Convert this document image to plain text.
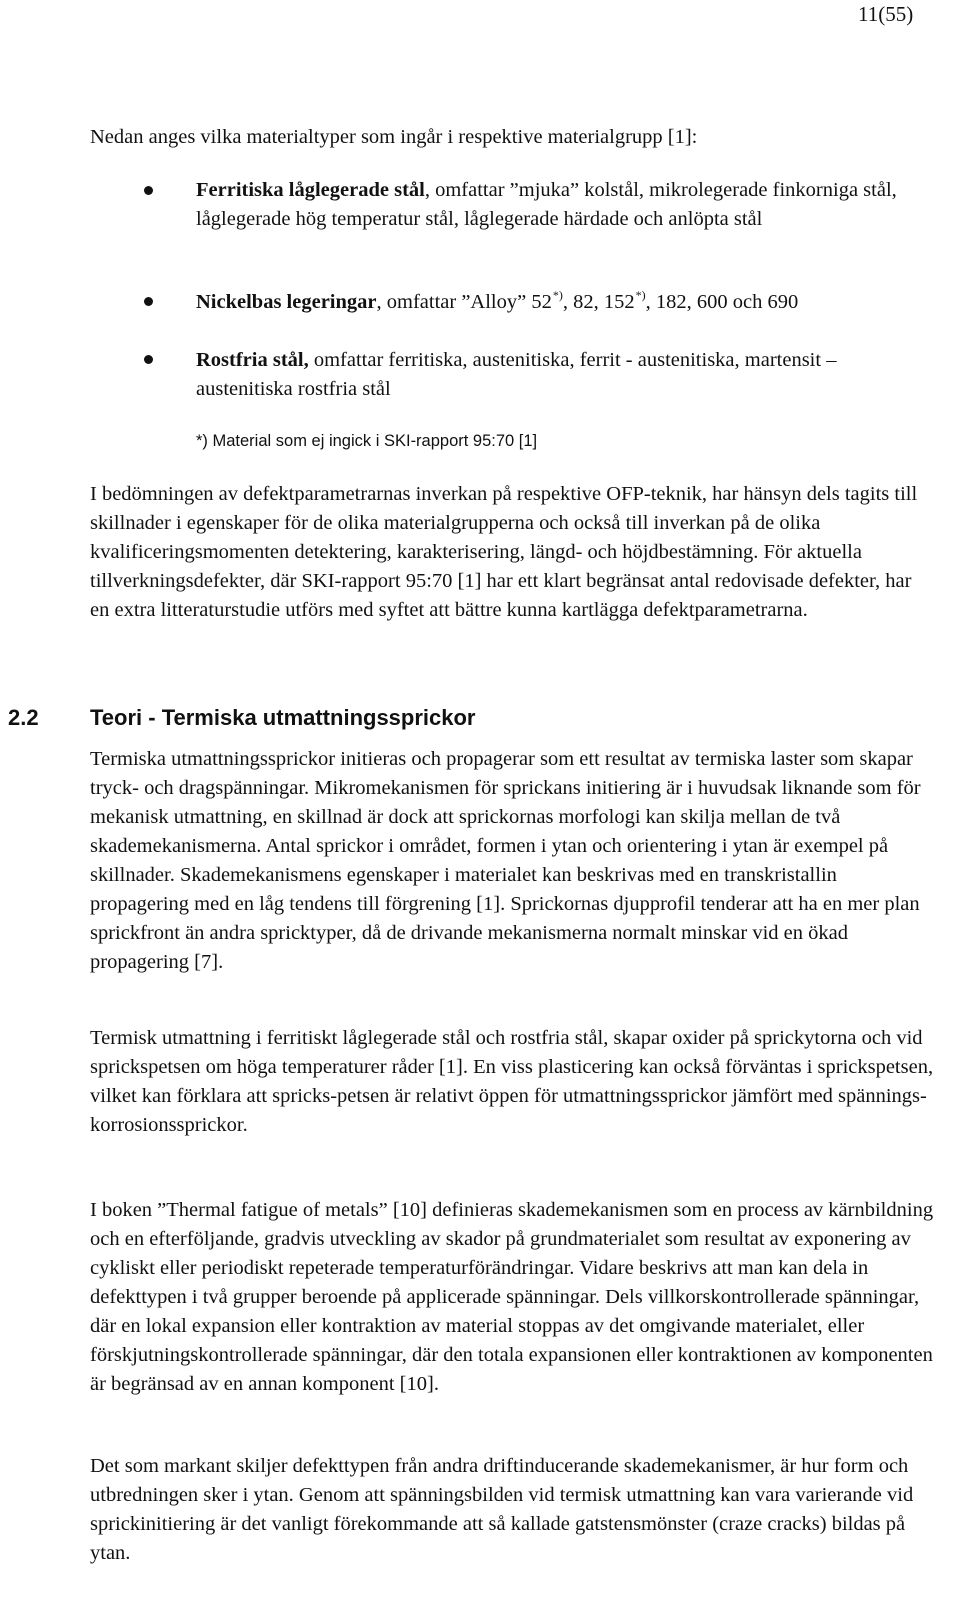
11(55)

Nedan anges vilka materialtyper som ingår i respektive materialgrupp [1]:

Ferritiska låglegerade stål, omfattar ”mjuka” kolstål, mikrolegerade finkorniga stål, låglegerade hög temperatur stål, låglegerade härdade och anlöpta stål

Nickelbas legeringar, omfattar ”Alloy” 52*), 82, 152*), 182, 600 och 690

Rostfria stål, omfattar ferritiska, austenitiska, ferrit - austenitiska, martensit – austenitiska rostfria stål

*) Material som ej ingick i SKI-rapport 95:70 [1]

I bedömningen av defektparametrarnas inverkan på respektive OFP-teknik, har hänsyn dels tagits till skillnader i egenskaper för de olika materialgrupperna och också till inverkan på de olika kvalificeringsmomenten detektering, karakterisering, längd- och höjdbestämning. För aktuella tillverkningsdefekter, där SKI-rapport 95:70 [1] har ett klart begränsat antal redovisade defekter, har en extra litteraturstudie utförs med syftet att bättre kunna kartlägga defektparametrarna.

2.2 Teori - Termiska utmattningssprickor

Termiska utmattningssprickor initieras och propagerar som ett resultat av termiska laster som skapar tryck- och dragspänningar. Mikromekanismen för sprickans initiering är i huvudsak liknande som för mekanisk utmattning, en skillnad är dock att sprickornas morfologi kan skilja mellan de två skademekanismerna. Antal sprickor i området, formen i ytan och orientering i ytan är exempel på skillnader. Skademekanismens egenskaper i materialet kan beskrivas med en transkristallin propagering med en låg tendens till förgrening [1]. Sprickornas djupprofil tenderar att ha en mer plan sprickfront än andra spricktyper, då de drivande mekanismerna normalt minskar vid en ökad propagering [7].

Termisk utmattning i ferritiskt låglegerade stål och rostfria stål, skapar oxider på sprickytorna och vid sprickspetsen om höga temperaturer råder [1]. En viss plasticering kan också förväntas i sprickspetsen, vilket kan förklara att spricks-petsen är relativt öppen för utmattningssprickor jämfört med spännings-korrosionssprickor.

I boken ”Thermal fatigue of metals” [10] definieras skademekanismen som en process av kärnbildning och en efterföljande, gradvis utveckling av skador på grundmaterialet som resultat av exponering av cykliskt eller periodiskt repeterade temperaturförändringar. Vidare beskrivs att man kan dela in defekttypen i två grupper beroende på applicerade spänningar. Dels villkorskontrollerade spänningar, där en lokal expansion eller kontraktion av material stoppas av det omgivande materialet, eller förskjutningskontrollerade spänningar, där den totala expansionen eller kontraktionen av komponenten är begränsad av en annan komponent [10].

Det som markant skiljer defekttypen från andra driftinducerande skademekanismer, är hur form och utbredningen sker i ytan. Genom att spänningsbilden vid termisk utmattning kan vara varierande vid sprickinitiering är det vanligt förekommande att så kallade gatstensmönster (craze cracks) bildas på ytan.
